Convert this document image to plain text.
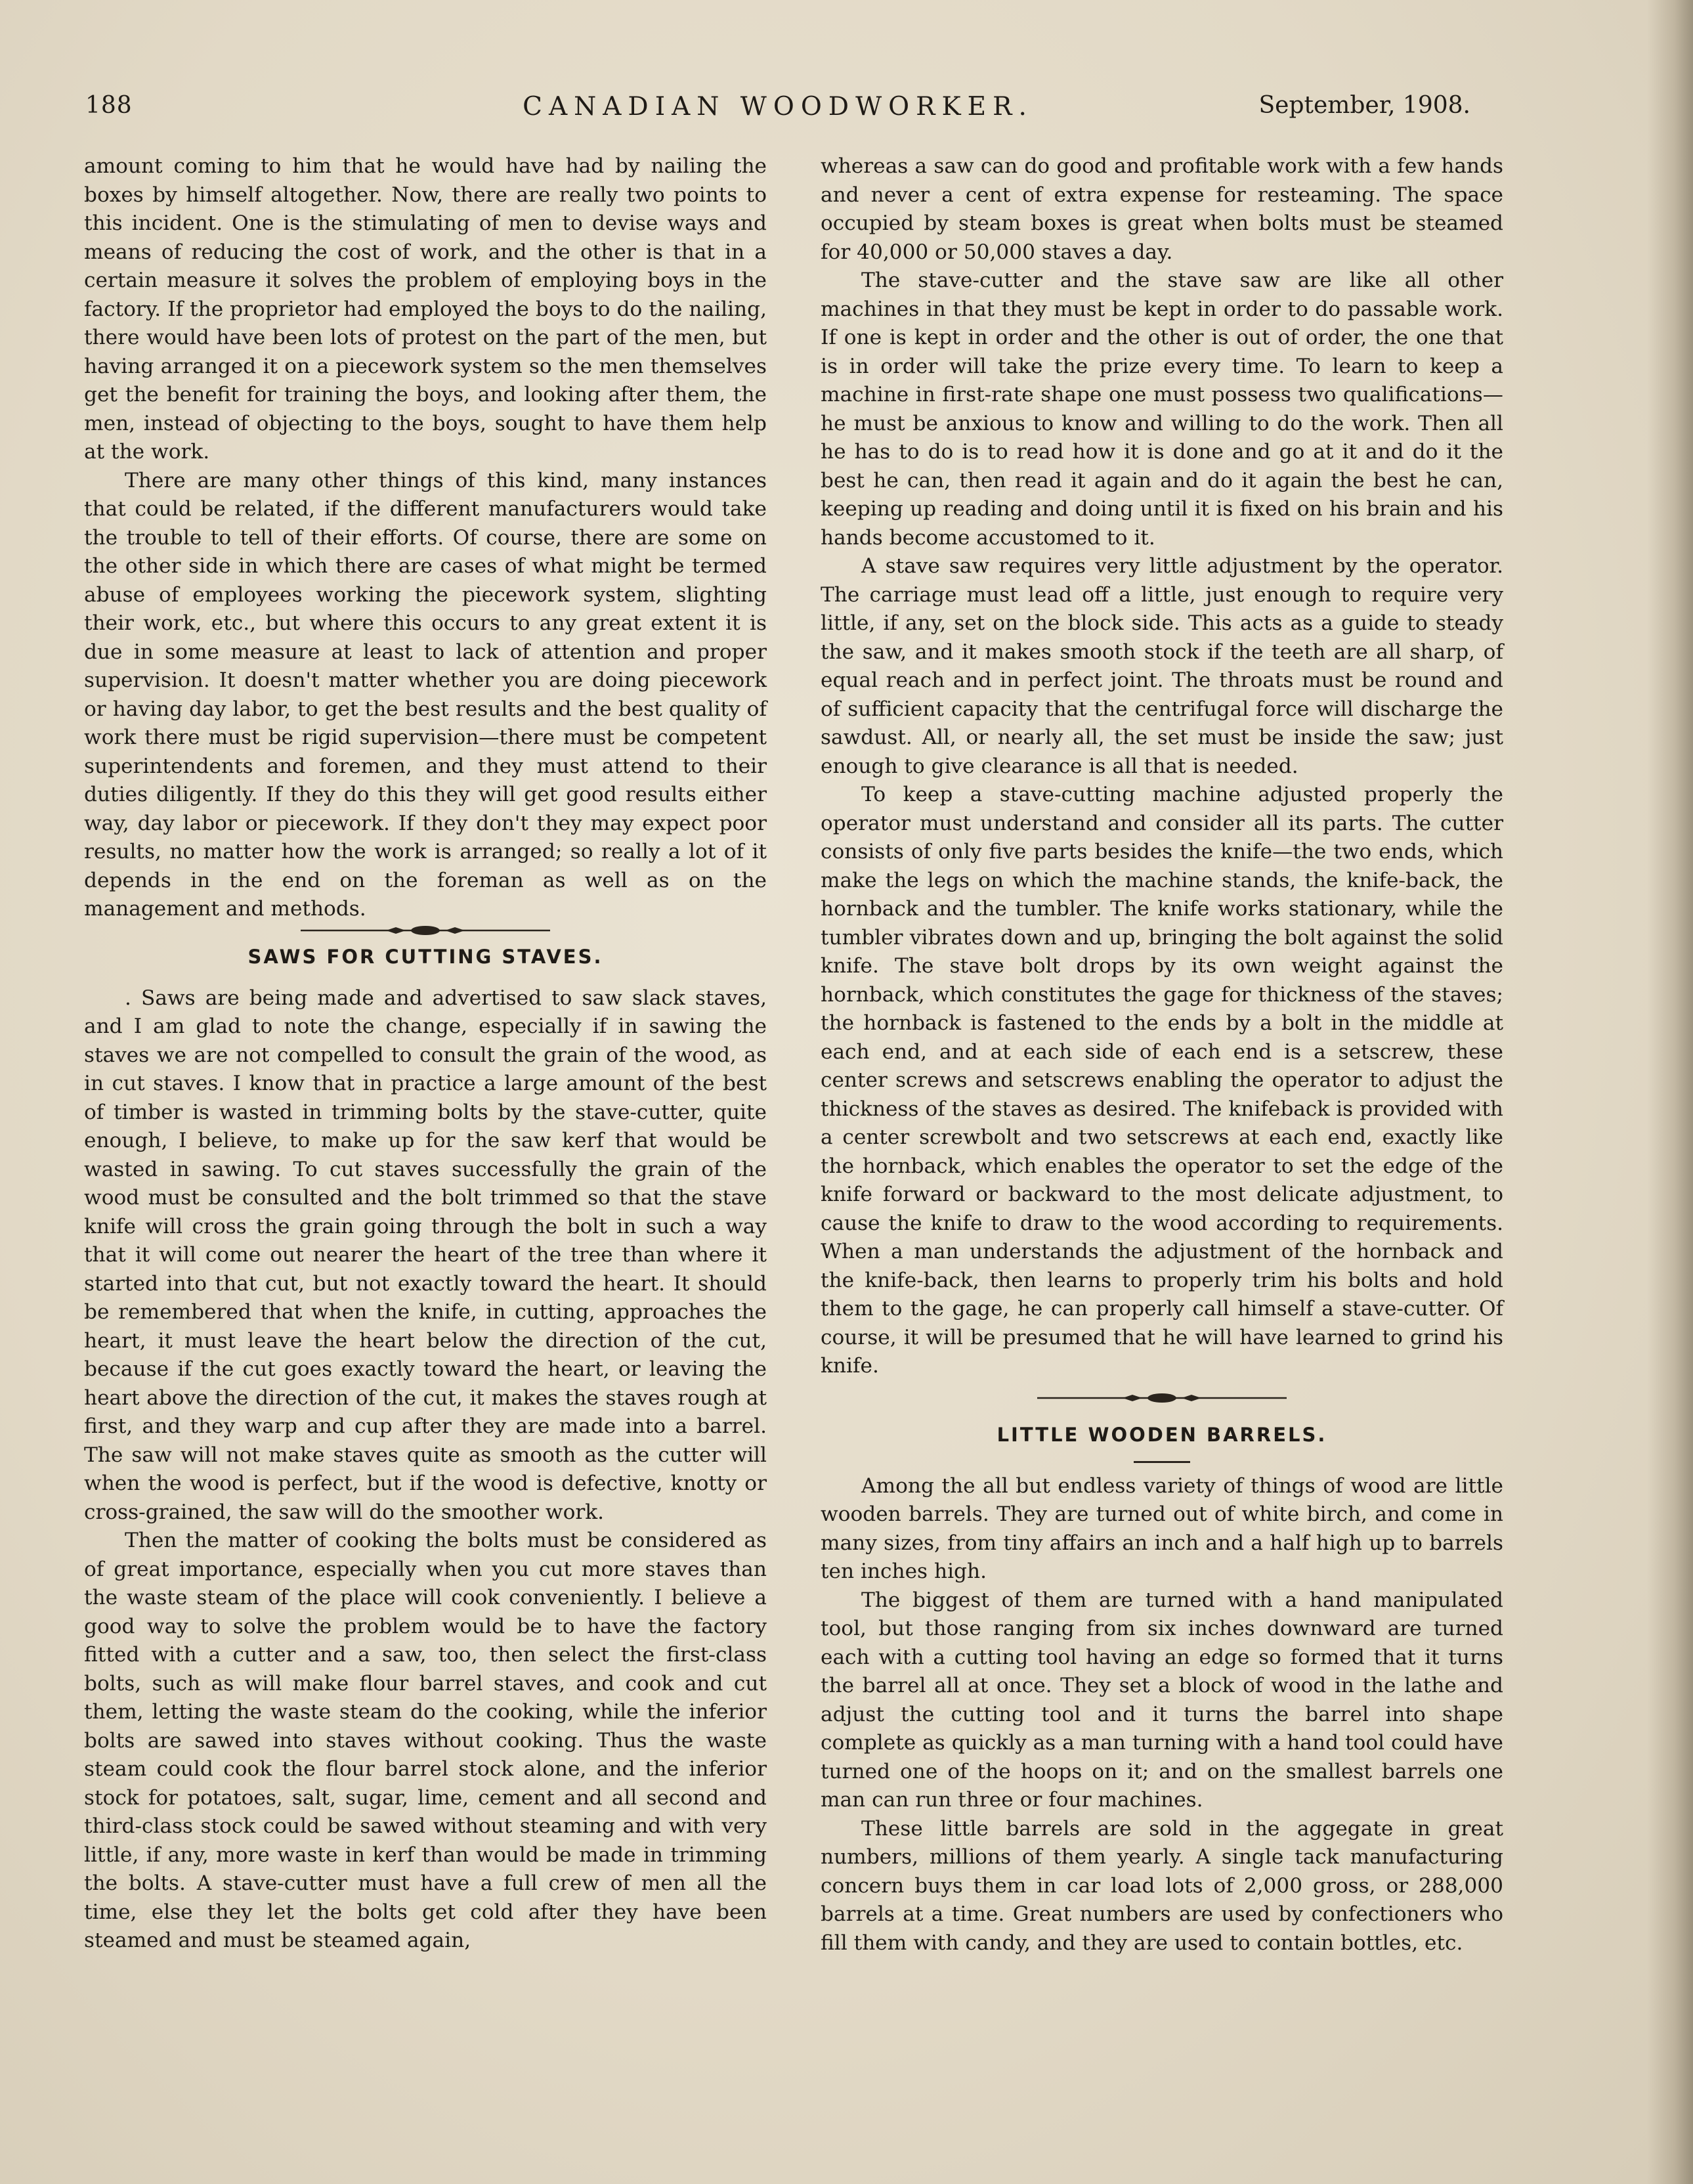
188	CANADIAN WOODWORKER.	September, 1908.

amount coming to him that he would have had by nailing the boxes by himself altogether. Now, there are really two points to this incident. One is the stimulating of men to devise ways and means of reducing the cost of work, and the other is that in a certain measure it solves the problem of employing boys in the factory. If the proprietor had employed the boys to do the nailing, there would have been lots of protest on the part of the men, but having arranged it on a piecework system so the men themselves get the benefit for training the boys, and looking after them, the men, instead of objecting to the boys, sought to have them help at the work.

There are many other things of this kind, many instances that could be related, if the different manufacturers would take the trouble to tell of their efforts. Of course, there are some on the other side in which there are cases of what might be termed abuse of employees working the piecework system, slighting their work, etc., but where this occurs to any great extent it is due in some measure at least to lack of attention and proper supervision. It doesn't matter whether you are doing piecework or having day labor, to get the best results and the best quality of work there must be rigid supervision—there must be competent superintendents and foremen, and they must attend to their duties diligently. If they do this they will get good results either way, day labor or piecework. If they don't they may expect poor results, no matter how the work is arranged; so really a lot of it depends in the end on the foreman as well as on the management and methods.

SAWS FOR CUTTING STAVES.

. Saws are being made and advertised to saw slack staves, and I am glad to note the change, especially if in sawing the staves we are not compelled to consult the grain of the wood, as in cut staves. I know that in practice a large amount of the best of timber is wasted in trimming bolts by the stave-cutter, quite enough, I believe, to make up for the saw kerf that would be wasted in sawing. To cut staves successfully the grain of the wood must be consulted and the bolt trimmed so that the stave knife will cross the grain going through the bolt in such a way that it will come out nearer the heart of the tree than where it started into that cut, but not exactly toward the heart. It should be remembered that when the knife, in cutting, approaches the heart, it must leave the heart below the direction of the cut, because if the cut goes exactly toward the heart, or leaving the heart above the direction of the cut, it makes the staves rough at first, and they warp and cup after they are made into a barrel. The saw will not make staves quite as smooth as the cutter will when the wood is perfect, but if the wood is defective, knotty or cross-grained, the saw will do the smoother work.

Then the matter of cooking the bolts must be considered as of great importance, especially when you cut more staves than the waste steam of the place will cook conveniently. I believe a good way to solve the problem would be to have the factory fitted with a cutter and a saw, too, then select the first-class bolts, such as will make flour barrel staves, and cook and cut them, letting the waste steam do the cooking, while the inferior bolts are sawed into staves without cooking. Thus the waste steam could cook the flour barrel stock alone, and the inferior stock for potatoes, salt, sugar, lime, cement and all second and third-class stock could be sawed without steaming and with very little, if any, more waste in kerf than would be made in trimming the bolts. A stave-cutter must have a full crew of men all the time, else they let the bolts get cold after they have been steamed and must be steamed again,

whereas a saw can do good and profitable work with a few hands and never a cent of extra expense for resteaming. The space occupied by steam boxes is great when bolts must be steamed for 40,000 or 50,000 staves a day.

The stave-cutter and the stave saw are like all other machines in that they must be kept in order to do passable work. If one is kept in order and the other is out of order, the one that is in order will take the prize every time. To learn to keep a machine in first-rate shape one must possess two qualifications—he must be anxious to know and willing to do the work. Then all he has to do is to read how it is done and go at it and do it the best he can, then read it again and do it again the best he can, keeping up reading and doing until it is fixed on his brain and his hands become accustomed to it.

A stave saw requires very little adjustment by the operator. The carriage must lead off a little, just enough to require very little, if any, set on the block side. This acts as a guide to steady the saw, and it makes smooth stock if the teeth are all sharp, of equal reach and in perfect joint. The throats must be round and of sufficient capacity that the centrifugal force will discharge the sawdust. All, or nearly all, the set must be inside the saw; just enough to give clearance is all that is needed.

To keep a stave-cutting machine adjusted properly the operator must understand and consider all its parts. The cutter consists of only five parts besides the knife—the two ends, which make the legs on which the machine stands, the knife-back, the hornback and the tumbler. The knife works stationary, while the tumbler vibrates down and up, bringing the bolt against the solid knife. The stave bolt drops by its own weight against the hornback, which constitutes the gage for thickness of the staves; the hornback is fastened to the ends by a bolt in the middle at each end, and at each side of each end is a setscrew, these center screws and setscrews enabling the operator to adjust the thickness of the staves as desired. The knifeback is provided with a center screwbolt and two setscrews at each end, exactly like the hornback, which enables the operator to set the edge of the knife forward or backward to the most delicate adjustment, to cause the knife to draw to the wood according to requirements. When a man understands the adjustment of the hornback and the knife-back, then learns to properly trim his bolts and hold them to the gage, he can properly call himself a stave-cutter. Of course, it will be presumed that he will have learned to grind his knife.

LITTLE WOODEN BARRELS.

Among the all but endless variety of things of wood are little wooden barrels. They are turned out of white birch, and come in many sizes, from tiny affairs an inch and a half high up to barrels ten inches high.

The biggest of them are turned with a hand manipulated tool, but those ranging from six inches downward are turned each with a cutting tool having an edge so formed that it turns the barrel all at once. They set a block of wood in the lathe and adjust the cutting tool and it turns the barrel into shape complete as quickly as a man turning with a hand tool could have turned one of the hoops on it; and on the smallest barrels one man can run three or four machines.

These little barrels are sold in the aggegate in great numbers, millions of them yearly. A single tack manufacturing concern buys them in car load lots of 2,000 gross, or 288,000 barrels at a time. Great numbers are used by confectioners who fill them with candy, and they are used to contain bottles, etc.
